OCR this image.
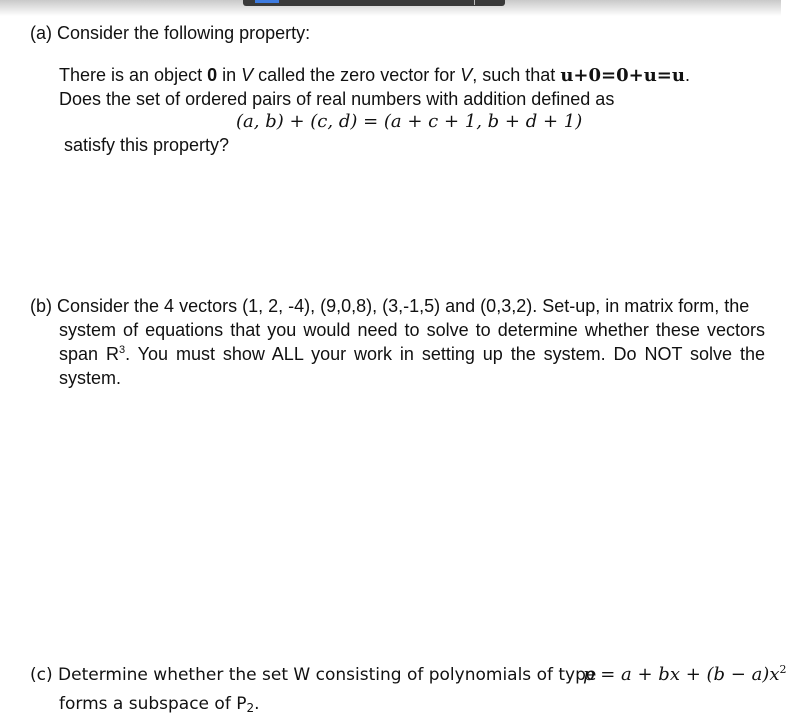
(a) Consider the following property:
There is an object 0 in V called the zero vector for V, such that u+0=0+u=u.
Does the set of ordered pairs of real numbers with addition defined as
(a, b) + (c, d) = (a + c + 1, b + d + 1)
satisfy this property?
(b) Consider the 4 vectors (1, 2, -4), (9,0,8), (3,-1,5) and (0,3,2). Set-up, in matrix form, the
system of equations that you would need to solve to determine whether these vectors
span $R^3$. You must show ALL your work in setting up the system. Do NOT solve the
system.
(c) Determine whether the set W consisting of polynomials of type
p = a + bx + $(b - a)x^2$
forms a subspace of $P_2$.
